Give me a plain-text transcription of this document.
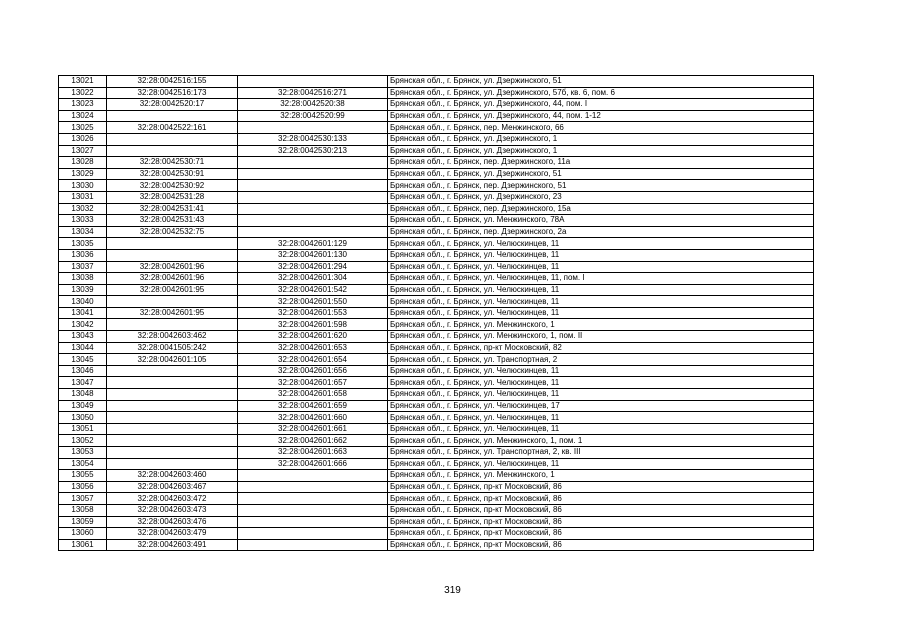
13021	32:28:0042516:155		Брянская обл., г. Брянск, ул. Дзержинского, 51
13022	32:28:0042516:173	32:28:0042516:271	Брянская обл., г. Брянск, ул. Дзержинского, 57б, кв. 6, пом. 6
13023	32:28:0042520:17	32:28:0042520:38	Брянская обл., г. Брянск, ул. Дзержинского, 44, пом. I
13024		32:28:0042520:99	Брянская обл., г. Брянск, ул. Дзержинского, 44, пом. 1-12
13025	32:28:0042522:161		Брянская обл., г. Брянск, пер. Менжинского, 66
13026		32:28:0042530:133	Брянская обл., г. Брянск, ул. Дзержинского, 1
13027		32:28:0042530:213	Брянская обл., г. Брянск, ул. Дзержинского, 1
13028	32:28:0042530:71		Брянская обл., г. Брянск, пер. Дзержинского, 11а
13029	32:28:0042530:91		Брянская обл., г. Брянск, ул. Дзержинского, 51
13030	32:28:0042530:92		Брянская обл., г. Брянск, пер. Дзержинского, 51
13031	32:28:0042531:28		Брянская обл., г. Брянск, ул. Дзержинского, 23
13032	32:28:0042531:41		Брянская обл., г. Брянск, пер. Дзержинского, 15а
13033	32:28:0042531:43		Брянская обл., г. Брянск, ул. Менжинского, 78А
13034	32:28:0042532:75		Брянская обл., г. Брянск, пер. Дзержинского, 2а
13035		32:28:0042601:129	Брянская обл., г. Брянск, ул. Челюскинцев, 11
13036		32:28:0042601:130	Брянская обл., г. Брянск, ул. Челюскинцев, 11
13037	32:28:0042601:96	32:28:0042601:294	Брянская обл., г. Брянск, ул. Челюскинцев, 11
13038	32:28:0042601:96	32:28:0042601:304	Брянская обл., г. Брянск, ул. Челюскинцев, 11, пом. I
13039	32:28:0042601:95	32:28:0042601:542	Брянская обл., г. Брянск, ул. Челюскинцев, 11
13040		32:28:0042601:550	Брянская обл., г. Брянск, ул. Челюскинцев, 11
13041	32:28:0042601:95	32:28:0042601:553	Брянская обл., г. Брянск, ул. Челюскинцев, 11
13042		32:28:0042601:598	Брянская обл., г. Брянск, ул. Менжинского, 1
13043	32:28:0042603:462	32:28:0042601:620	Брянская обл., г. Брянск, ул. Менжинского, 1, пом. II
13044	32:28:0041505:242	32:28:0042601:653	Брянская обл., г. Брянск, пр-кт Московский, 82
13045	32:28:0042601:105	32:28:0042601:654	Брянская обл., г. Брянск, ул. Транспортная, 2
13046		32:28:0042601:656	Брянская обл., г. Брянск, ул. Челюскинцев, 11
13047		32:28:0042601:657	Брянская обл., г. Брянск, ул. Челюскинцев, 11
13048		32:28:0042601:658	Брянская обл., г. Брянск, ул. Челюскинцев, 11
13049		32:28:0042601:659	Брянская обл., г. Брянск, ул. Челюскинцев, 17
13050		32:28:0042601:660	Брянская обл., г. Брянск, ул. Челюскинцев, 11
13051		32:28:0042601:661	Брянская обл., г. Брянск, ул. Челюскинцев, 11
13052		32:28:0042601:662	Брянская обл., г. Брянск, ул. Менжинского, 1, пом. 1
13053		32:28:0042601:663	Брянская обл., г. Брянск, ул. Транспортная, 2, кв. III
13054		32:28:0042601:666	Брянская обл., г. Брянск, ул. Челюскинцев, 11
13055	32:28:0042603:460		Брянская обл., г. Брянск, ул. Менжинского, 1
13056	32:28:0042603:467		Брянская обл., г. Брянск, пр-кт Московский, 86
13057	32:28:0042603:472		Брянская обл., г. Брянск, пр-кт Московский, 86
13058	32:28:0042603:473		Брянская обл., г. Брянск, пр-кт Московский, 86
13059	32:28:0042603:476		Брянская обл., г. Брянск, пр-кт Московский, 86
13060	32:28:0042603:479		Брянская обл., г. Брянск, пр-кт Московский, 86
13061	32:28:0042603:491		Брянская обл., г. Брянск, пр-кт Московский, 86
319
